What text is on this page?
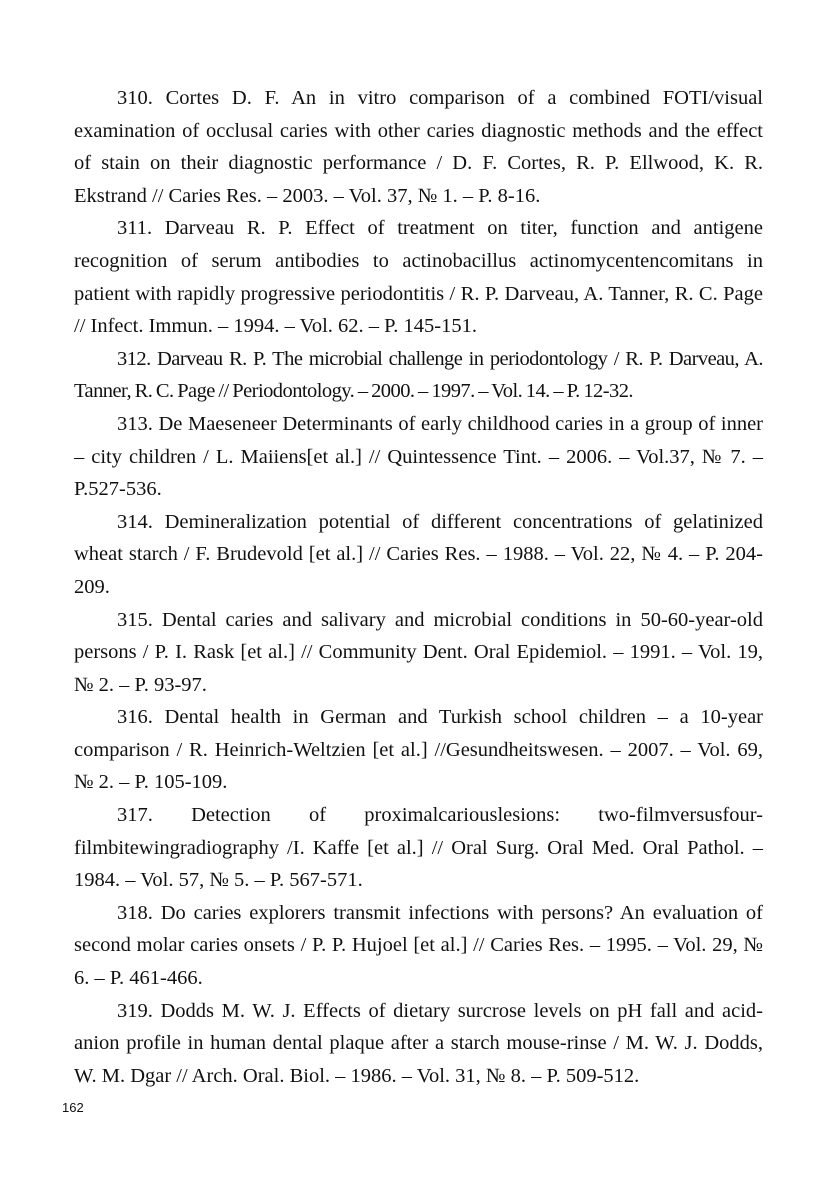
310. Cortes D. F. An in vitro comparison of a combined FOTI/visual examination of occlusal caries with other caries diagnostic methods and the effect of stain on their diagnostic performance / D. F. Cortes, R. P. Ellwood, K. R. Ekstrand // Caries Res. – 2003. – Vol. 37, № 1. – P. 8-16.

311. Darveau R. P. Effect of treatment on titer, function and antigene recognition of serum antibodies to actinobacillus actinomycentencomitans in patient with rapidly progressive periodontitis / R. P. Darveau, A. Tanner, R. C. Page // Infect. Immun. – 1994. – Vol. 62. – P. 145-151.

312. Darveau R. P. The microbial challenge in periodontology / R. P. Darveau, A. Tanner, R. C. Page // Periodontology. – 2000. – 1997. – Vol. 14. – P. 12-32.

313. De Maeseneer Determinants of early childhood caries in a group of inner – city children / L. Maiiens[et al.] // Quintessence Tint. – 2006. – Vol.37, № 7. – P.527-536.

314. Demineralization potential of different concentrations of gelatinized wheat starch / F. Brudevold [et al.] // Caries Res. – 1988. – Vol. 22, № 4. – P. 204-209.

315. Dental caries and salivary and microbial conditions in 50-60-year-old persons / P. I. Rask [et al.] // Community Dent. Oral Epidemiol. – 1991. – Vol. 19, № 2. – P. 93-97.

316. Dental health in German and Turkish school children – a 10-year comparison / R. Heinrich-Weltzien [et al.] //Gesundheitswesen. – 2007. – Vol. 69, № 2. – P. 105-109.

317. Detection of proximalcariouslesions: two-filmversusfour-filmbitewingradiography /I. Kaffe [et al.] // Oral Surg. Oral Med. Oral Pathol. – 1984. – Vol. 57, № 5. – P. 567-571.

318. Do caries explorers transmit infections with persons? An evaluation of second molar caries onsets / P. P. Hujoel [et al.] // Caries Res. – 1995. – Vol. 29, № 6. – P. 461-466.

319. Dodds M. W. J. Effects of dietary surcrose levels on pH fall and acid-anion profile in human dental plaque after a starch mouse-rinse / M. W. J. Dodds, W. M. Dgar // Arch. Oral. Biol. – 1986. – Vol. 31, № 8. – P. 509-512.

162
